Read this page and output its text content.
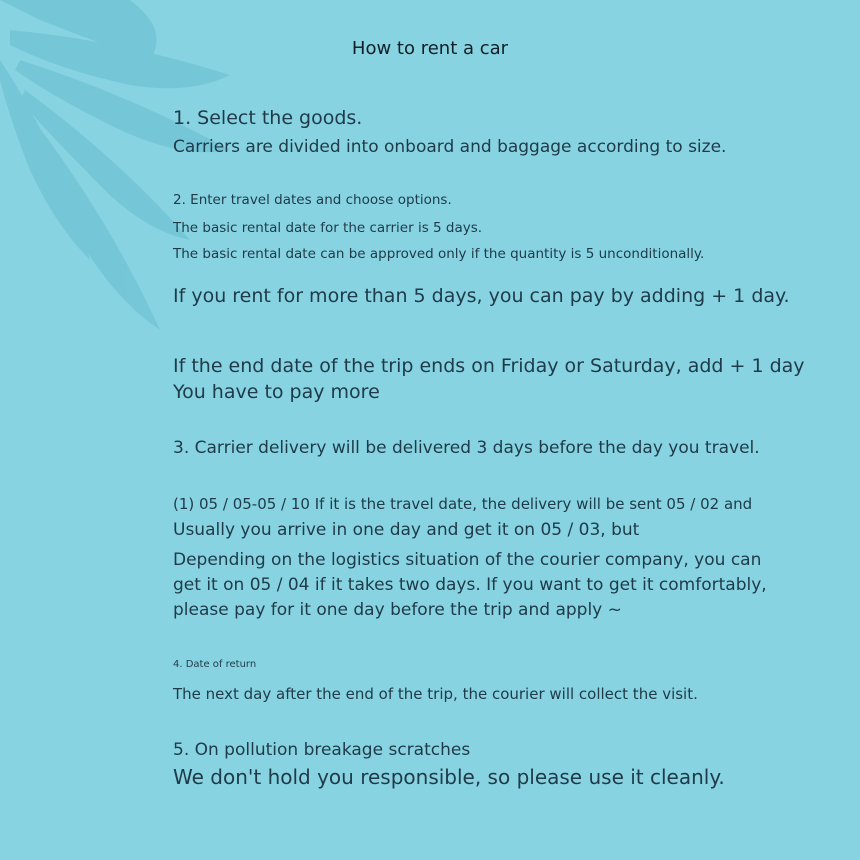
How to rent a car
1. Select the goods.
Carriers are divided into onboard and baggage according to size.
2. Enter travel dates and choose options.
The basic rental date for the carrier is 5 days.
The basic rental date can be approved only if the quantity is 5 unconditionally.
If you rent for more than 5 days, you can pay by adding + 1 day.
If the end date of the trip ends on Friday or Saturday, add + 1 day
You have to pay more
3. Carrier delivery will be delivered 3 days before the day you travel.
(1) 05 / 05-05 / 10 If it is the travel date, the delivery will be sent 05 / 02 and
Usually you arrive in one day and get it on 05 / 03, but
Depending on the logistics situation of the courier company, you can
get it on 05 / 04 if it takes two days. If you want to get it comfortably,
please pay for it one day before the trip and apply ~
4. Date of return
The next day after the end of the trip, the courier will collect the visit.
5. On pollution breakage scratches
We don't hold you responsible, so please use it cleanly.
